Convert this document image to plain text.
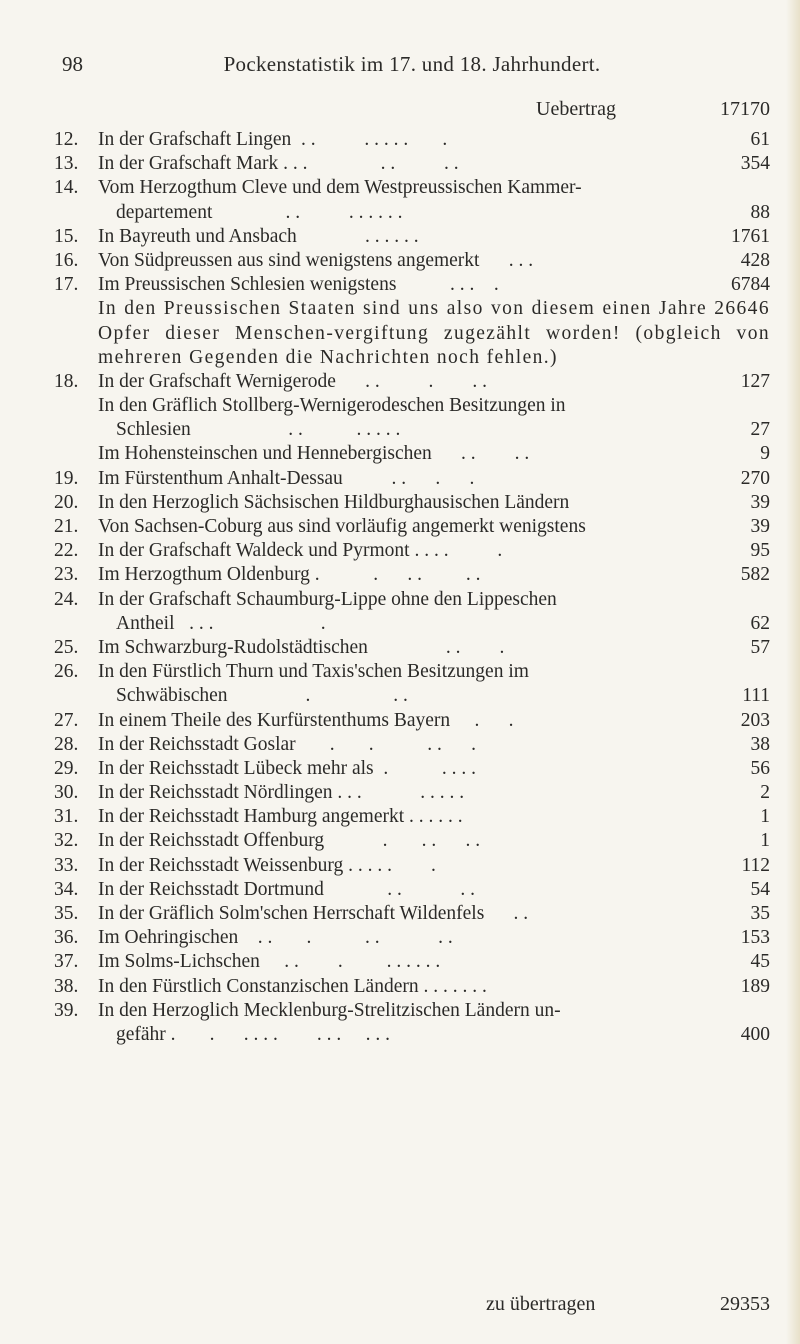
98	Pockenstatistik im 17. und 18. Jahrhundert.
Uebertrag	17170
12. In der Grafschaft Lingen  . .          . . . . .       .	61
13. In der Grafschaft Mark . . .               . .          . .	354
14. Vom Herzogthum Cleve und dem Westpreussischen Kammer-
departement               . .          . . . . . .	88
15. In Bayreuth und Ansbach              . . . . . .	1761
16. Von Südpreussen aus sind wenigstens angemerkt      . . .	428
17. Im Preussischen Schlesien wenigstens           . . .    .	6784
In den Preussischen Staaten sind uns also von diesem einen Jahre 26646 Opfer dieser Menschen-vergiftung zugezählt worden! (obgleich von mehreren Gegenden die Nachrichten noch fehlen.)
18. In der Grafschaft Wernigerode      . .          .        . .	127
In den Gräflich Stollberg-Wernigerodeschen Besitzungen in
Schlesien                    . .           . . . . .	27
Im Hohensteinschen und Hennebergischen      . .        . .	9
19. Im Fürstenthum Anhalt-Dessau          . .      .      .	270
20. In den Herzoglich Sächsischen Hildburghausischen Ländern	39
21. Von Sachsen-Coburg aus sind vorläufig angemerkt wenigstens	39
22. In der Grafschaft Waldeck und Pyrmont . . . .          .	95
23. Im Herzogthum Oldenburg .           .      . .         . .	582
24. In der Grafschaft Schaumburg-Lippe ohne den Lippeschen
Antheil   . . .                      .	62
25. Im Schwarzburg-Rudolstädtischen                . .        .	57
26. In den Fürstlich Thurn und Taxis'schen Besitzungen im
Schwäbischen                .                 . .	111
27. In einem Theile des Kurfürstenthums Bayern     .      .	203
28. In der Reichsstadt Goslar       .       .           . .      .	38
29. In der Reichsstadt Lübeck mehr als  .           . . . .	56
30. In der Reichsstadt Nördlingen . . .            . . . . .	2
31. In der Reichsstadt Hamburg angemerkt . . . . . .	1
32. In der Reichsstadt Offenburg            .       . .      . .	1
33. In der Reichsstadt Weissenburg . . . . .        .	112
34. In der Reichsstadt Dortmund             . .            . .	54
35. In der Gräflich Solm'schen Herrschaft Wildenfels      . .	35
36. Im Oehringischen    . .       .           . .            . .	153
37. Im Solms-Lichschen     . .        .         . . . . . .	45
38. In den Fürstlich Constanzischen Ländern . . . . . . .	189
39. In den Herzoglich Mecklenburg-Strelitzischen Ländern un-
gefähr .       .      . . . .        . . .     . . .	400
zu übertragen	29353
